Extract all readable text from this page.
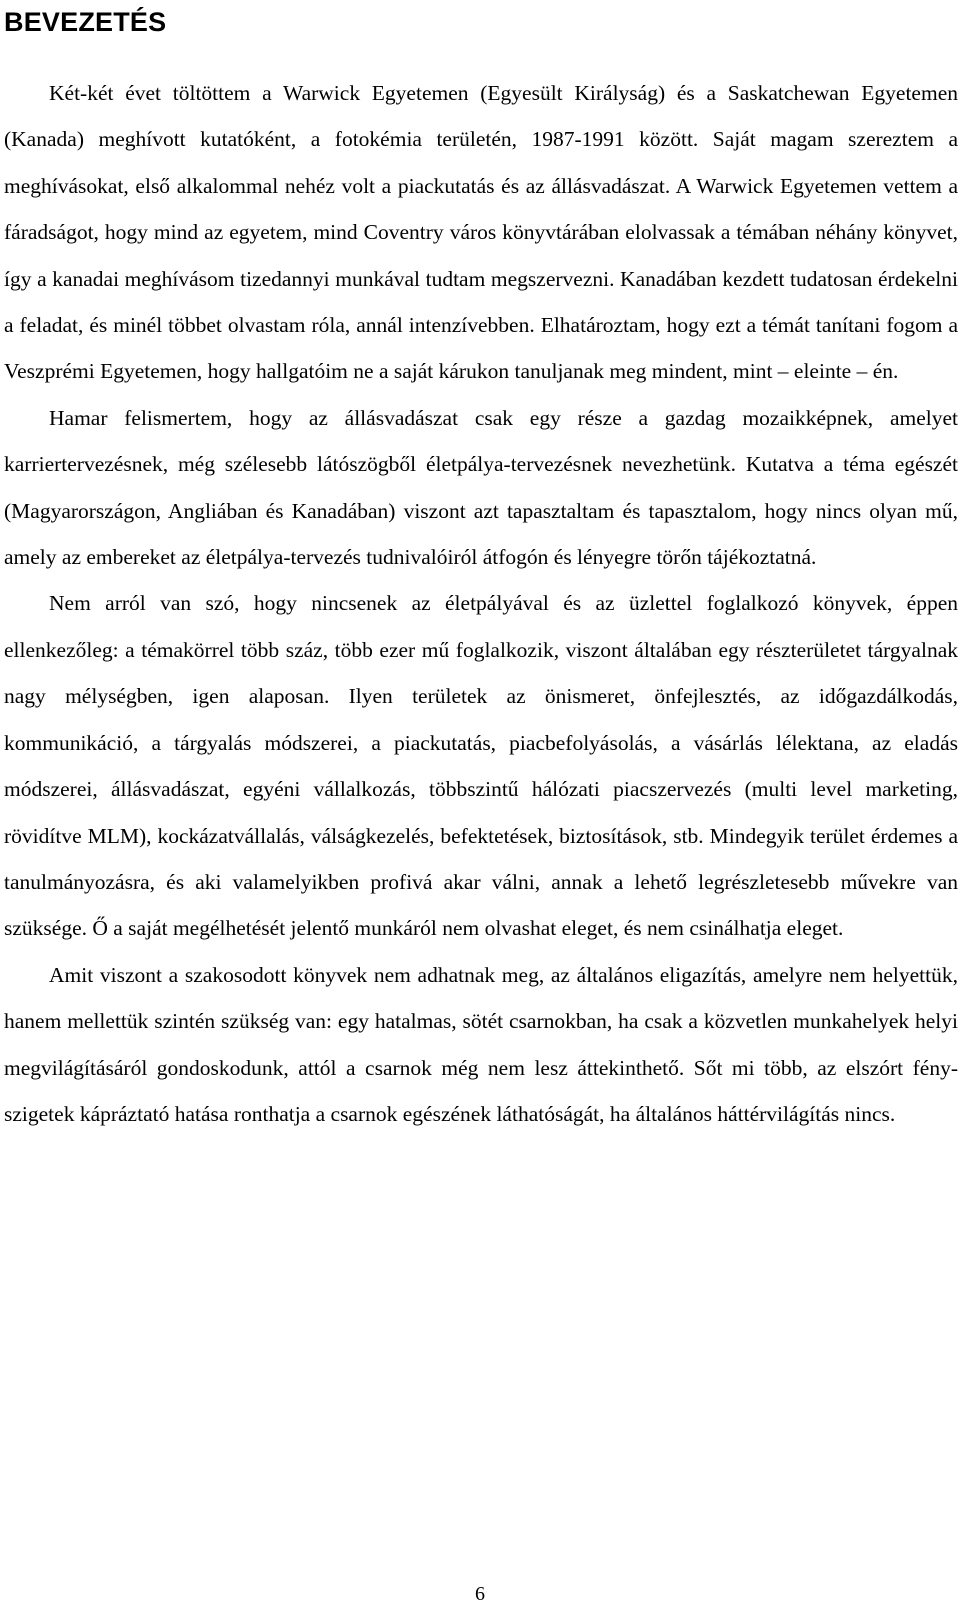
BEVEZETÉS

Két-két évet töltöttem a Warwick Egyetemen (Egyesült Királyság) és a Saskatchewan Egyetemen (Kanada) meghívott kutatóként, a fotokémia területén, 1987-1991 között. Saját magam szereztem a meghívásokat, első alkalommal nehéz volt a piackutatás és az állásvadászat. A Warwick Egyetemen vettem a fáradságot, hogy mind az egyetem, mind Coventry város könyvtárában elolvassak a témában néhány könyvet, így a kanadai meghívásom tizedannyi munkával tudtam megszervezni. Kanadában kezdett tudatosan érdekelni a feladat, és minél többet olvastam róla, annál intenzívebben. Elhatároztam, hogy ezt a témát tanítani fogom a Veszprémi Egyetemen, hogy hallgatóim ne a saját kárukon tanuljanak meg mindent, mint – eleinte – én.

Hamar felismertem, hogy az állásvadászat csak egy része a gazdag mozaikképnek, amelyet karriertervezésnek, még szélesebb látószögből életpálya-tervezésnek nevezhetünk. Kutatva a téma egészét (Magyarországon, Angliában és Kanadában) viszont azt tapasztaltam és tapasztalom, hogy nincs olyan mű, amely az embereket az életpálya-tervezés tudnivalóiról átfogón és lényegre törőn tájékoztatná.

Nem arról van szó, hogy nincsenek az életpályával és az üzlettel foglalkozó könyvek, éppen ellenkezőleg: a témakörrel több száz, több ezer mű foglalkozik, viszont általában egy részterületet tárgyalnak nagy mélységben, igen alaposan. Ilyen területek az önismeret, önfejlesztés, az időgazdálkodás, kommunikáció, a tárgyalás módszerei, a piackutatás, piacbefolyásolás, a vásárlás lélektana, az eladás módszerei, állásvadászat, egyéni vállalkozás, többszintű hálózati piacszervezés (multi level marketing, rövidítve MLM), kockázatvállalás, válságkezelés, befektetések, biztosítások, stb. Mindegyik terület érdemes a tanulmányozásra, és aki valamelyikben profivá akar válni, annak a lehető legrészletesebb művekre van szüksége. Ő a saját megélhetését jelentő munkáról nem olvashat eleget, és nem csinálhatja eleget.

Amit viszont a szakosodott könyvek nem adhatnak meg, az általános eligazítás, amelyre nem helyettük, hanem mellettük szintén szükség van: egy hatalmas, sötét csarnokban, ha csak a közvetlen munkahelyek helyi megvilágításáról gondoskodunk, attól a csarnok még nem lesz áttekinthető. Sőt mi több, az elszórt fény-szigetek kápráztató hatása ronthatja a csarnok egészének láthatóságát, ha általános háttérvilágítás nincs.

6
